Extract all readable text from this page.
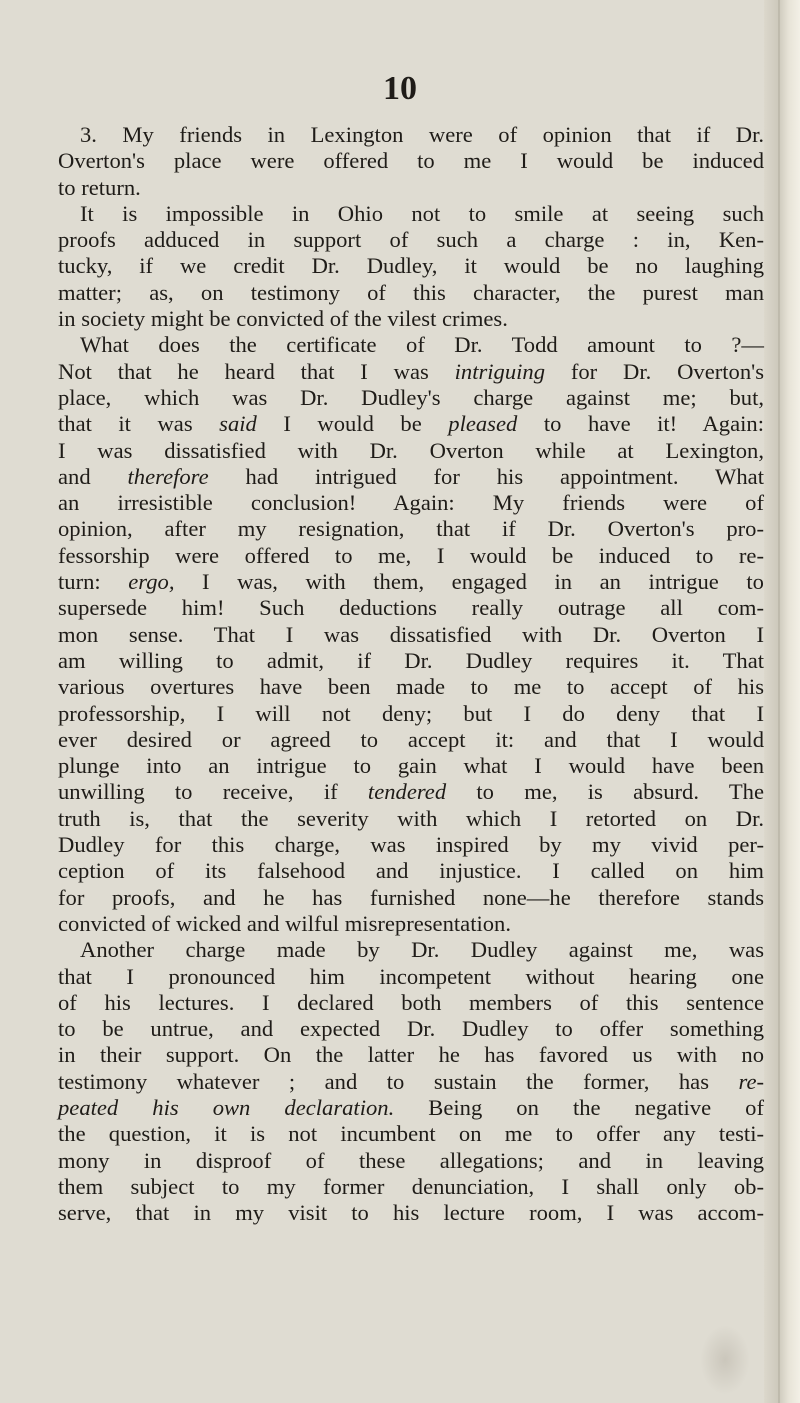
10
3. My friends in Lexington were of opinion that if Dr.
Overton's place were offered to me I would be induced
to return.
It is impossible in Ohio not to smile at seeing such
proofs adduced in support of such a charge : in, Ken-
tucky, if we credit Dr. Dudley, it would be no laughing
matter; as, on testimony of this character, the purest man
in society might be convicted of the vilest crimes.
What does the certificate of Dr. Todd amount to ?—
Not that he heard that I was intriguing for Dr. Overton's
place, which was Dr. Dudley's charge against me; but,
that it was said I would be pleased to have it! Again:
I was dissatisfied with Dr. Overton while at Lexington,
and therefore had intrigued for his appointment. What
an irresistible conclusion! Again: My friends were of
opinion, after my resignation, that if Dr. Overton's pro-
fessorship were offered to me, I would be induced to re-
turn: ergo, I was, with them, engaged in an intrigue to
supersede him! Such deductions really outrage all com-
mon sense. That I was dissatisfied with Dr. Overton I
am willing to admit, if Dr. Dudley requires it. That
various overtures have been made to me to accept of his
professorship, I will not deny; but I do deny that I
ever desired or agreed to accept it: and that I would
plunge into an intrigue to gain what I would have been
unwilling to receive, if tendered to me, is absurd. The
truth is, that the severity with which I retorted on Dr.
Dudley for this charge, was inspired by my vivid per-
ception of its falsehood and injustice. I called on him
for proofs, and he has furnished none—he therefore stands
convicted of wicked and wilful misrepresentation.
Another charge made by Dr. Dudley against me, was
that I pronounced him incompetent without hearing one
of his lectures. I declared both members of this sentence
to be untrue, and expected Dr. Dudley to offer something
in their support. On the latter he has favored us with no
testimony whatever ; and to sustain the former, has re-
peated his own declaration. Being on the negative of
the question, it is not incumbent on me to offer any testi-
mony in disproof of these allegations; and in leaving
them subject to my former denunciation, I shall only ob-
serve, that in my visit to his lecture room, I was accom-
